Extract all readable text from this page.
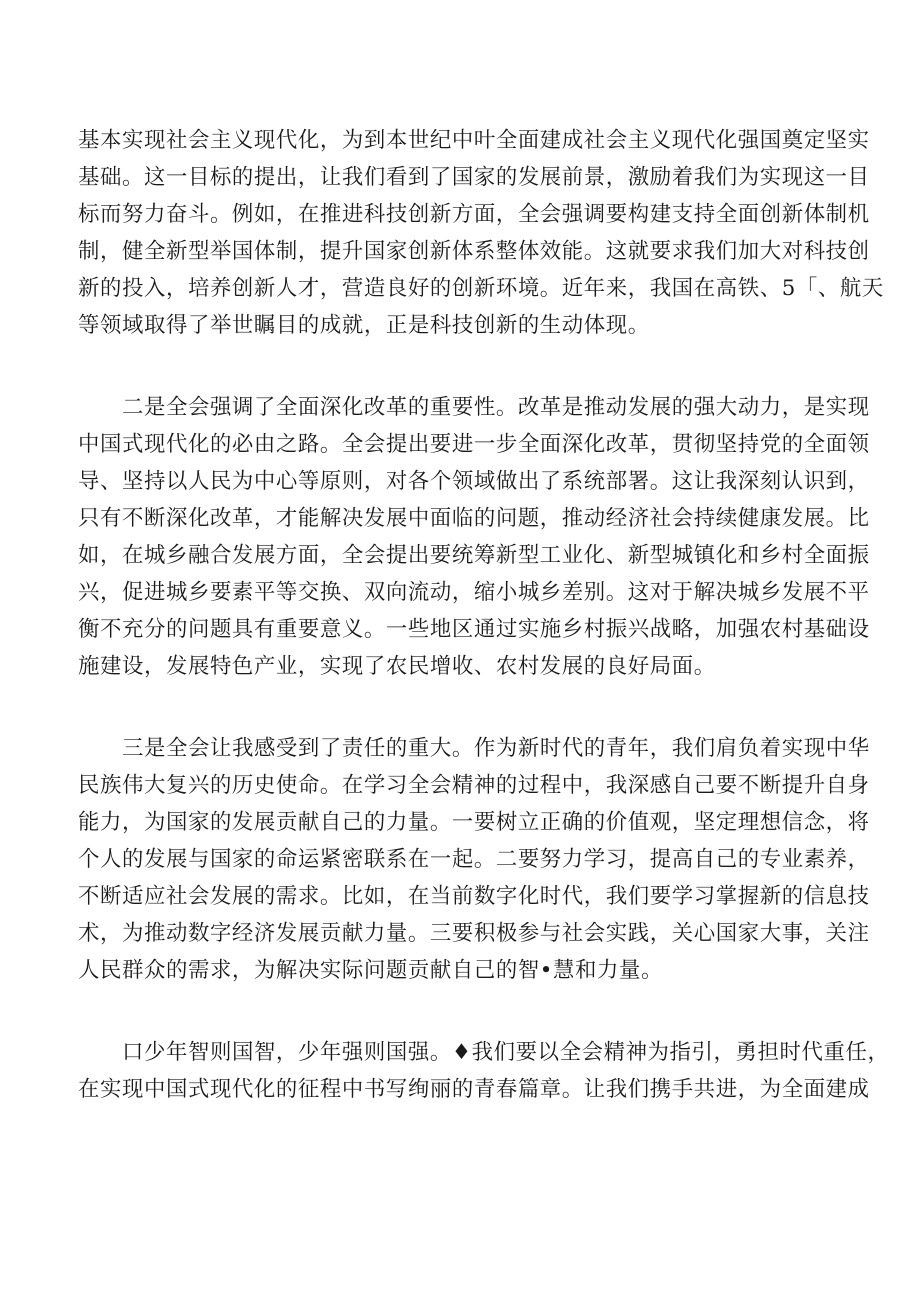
基本实现社会主义现代化，为到本世纪中叶全面建成社会主义现代化强国奠定坚实
基础。这一目标的提出，让我们看到了国家的发展前景，激励着我们为实现这一目
标而努力奋斗。例如，在推进科技创新方面，全会强调要构建支持全面创新体制机
制，健全新型举国体制，提升国家创新体系整体效能。这就要求我们加大对科技创
新的投入，培养创新人才，营造良好的创新环境。近年来，我国在高铁、5「、航天
等领域取得了举世瞩目的成就，正是科技创新的生动体现。
二是全会强调了全面深化改革的重要性。改革是推动发展的强大动力，是实现
中国式现代化的必由之路。全会提出要进一步全面深化改革，贯彻坚持党的全面领
导、坚持以人民为中心等原则，对各个领域做出了系统部署。这让我深刻认识到，
只有不断深化改革，才能解决发展中面临的问题，推动经济社会持续健康发展。比
如，在城乡融合发展方面，全会提出要统筹新型工业化、新型城镇化和乡村全面振
兴，促进城乡要素平等交换、双向流动，缩小城乡差别。这对于解决城乡发展不平
衡不充分的问题具有重要意义。一些地区通过实施乡村振兴战略，加强农村基础设
施建设，发展特色产业，实现了农民增收、农村发展的良好局面。
三是全会让我感受到了责任的重大。作为新时代的青年，我们肩负着实现中华
民族伟大复兴的历史使命。在学习全会精神的过程中，我深感自己要不断提升自身
能力，为国家的发展贡献自己的力量。一要树立正确的价值观，坚定理想信念，将
个人的发展与国家的命运紧密联系在一起。二要努力学习，提高自己的专业素养，
不断适应社会发展的需求。比如，在当前数字化时代，我们要学习掌握新的信息技
术，为推动数字经济发展贡献力量。三要积极参与社会实践，关心国家大事，关注
人民群众的需求，为解决实际问题贡献自己的智•慧和力量。
口少年智则国智，少年强则国强。♦我们要以全会精神为指引，勇担时代重任，
在实现中国式现代化的征程中书写绚丽的青春篇章。让我们携手共进，为全面建成
